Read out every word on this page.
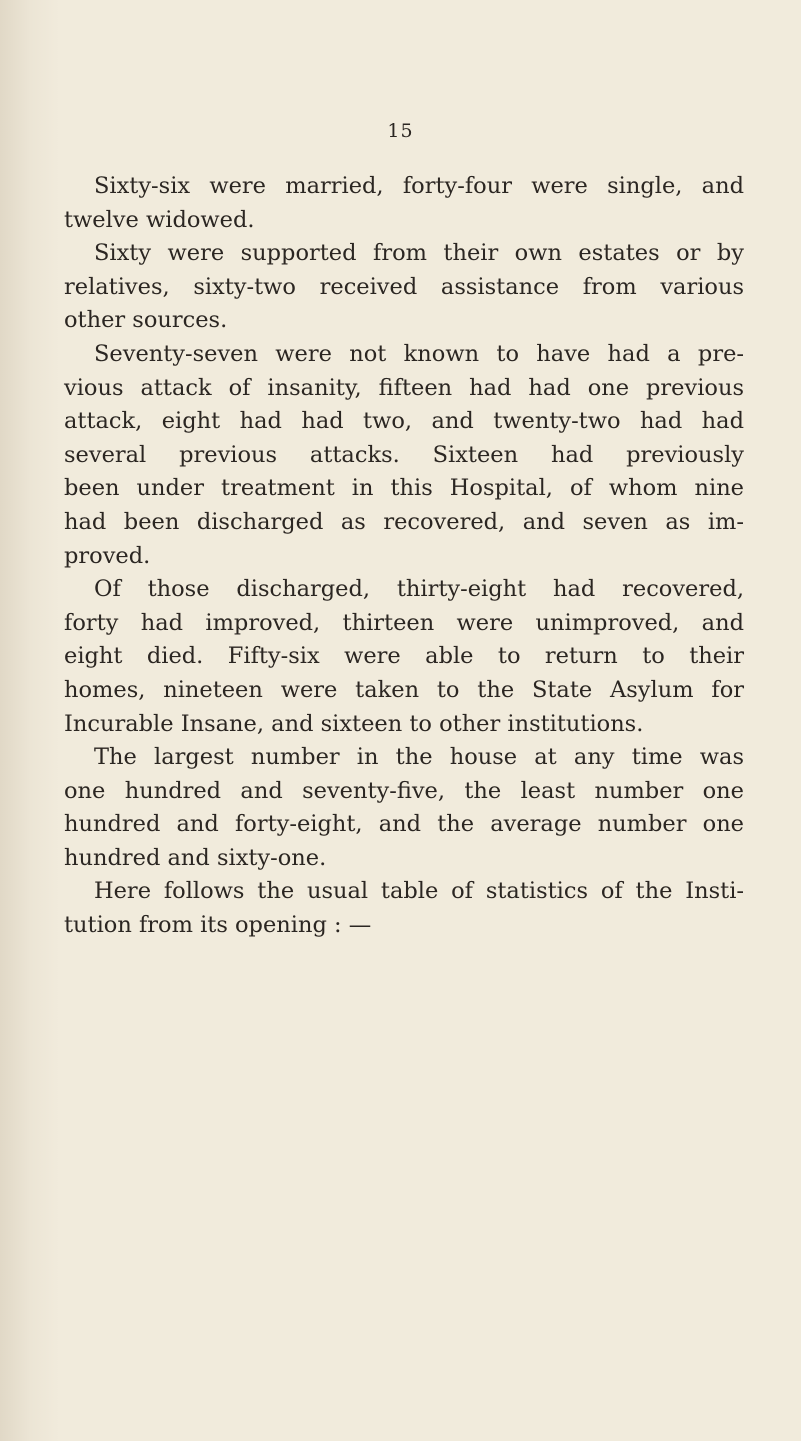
15
Sixty-six were married, forty-four were single, and
twelve widowed.
Sixty were supported from their own estates or by
relatives, sixty-two received assistance from various
other sources.
Seventy-seven were not known to have had a pre-
vious attack of insanity, fifteen had had one previous
attack, eight had had two, and twenty-two had had
several previous attacks. Sixteen had previously
been under treatment in this Hospital, of whom nine
had been discharged as recovered, and seven as im-
proved.
Of those discharged, thirty-eight had recovered,
forty had improved, thirteen were unimproved, and
eight died. Fifty-six were able to return to their
homes, nineteen were taken to the State Asylum for
Incurable Insane, and sixteen to other institutions.
The largest number in the house at any time was
one hundred and seventy-five, the least number one
hundred and forty-eight, and the average number one
hundred and sixty-one.
Here follows the usual table of statistics of the Insti-
tution from its opening : —
